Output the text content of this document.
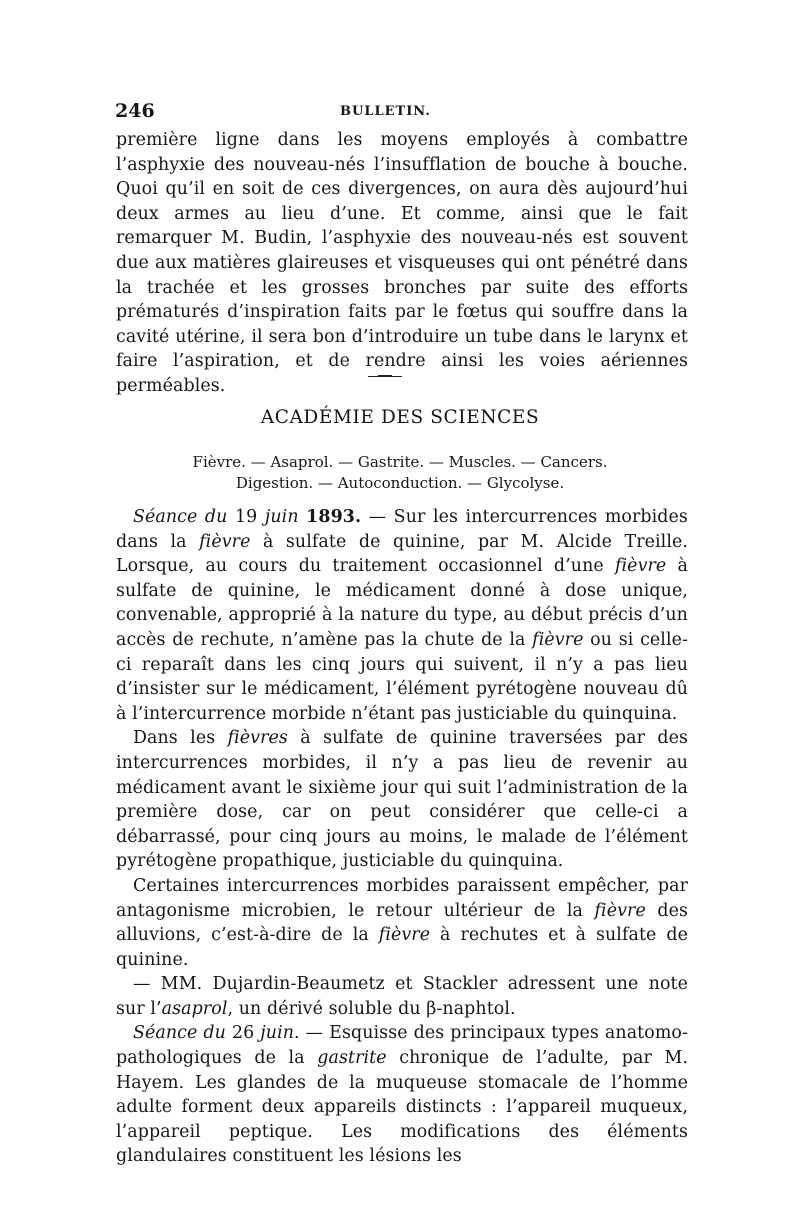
246	BULLETIN.

première ligne dans les moyens employés à combattre l’asphyxie des nouveau-nés l’insufflation de bouche à bouche. Quoi qu’il en soit de ces divergences, on aura dès aujourd’hui deux armes au lieu d’une. Et comme, ainsi que le fait remarquer M. Budin, l’asphyxie des nouveau-nés est souvent due aux matières glaireuses et visqueuses qui ont pénétré dans la trachée et les grosses bronches par suite des efforts prématurés d’inspiration faits par le fœtus qui souffre dans la cavité utérine, il sera bon d’introduire un tube dans le larynx et faire l’aspiration, et de rendre ainsi les voies aériennes perméables.

ACADÉMIE DES SCIENCES
Fièvre. — Asaprol. — Gastrite. — Muscles. — Cancers.
Digestion. — Autoconduction. — Glycolyse.

Séance du 19 juin 1893. — Sur les intercurrences morbides dans la fièvre à sulfate de quinine, par M. Alcide Treille. Lorsque, au cours du traitement occasionnel d’une fièvre à sulfate de quinine, le médicament donné à dose unique, convenable, approprié à la nature du type, au début précis d’un accès de rechute, n’amène pas la chute de la fièvre ou si celle-ci reparaît dans les cinq jours qui suivent, il n’y a pas lieu d’insister sur le médicament, l’élément pyrétogène nouveau dû à l’intercurrence morbide n’étant pas justiciable du quinquina.

Dans les fièvres à sulfate de quinine traversées par des intercurrences morbides, il n’y a pas lieu de revenir au médicament avant le sixième jour qui suit l’administration de la première dose, car on peut considérer que celle-ci a débarrassé, pour cinq jours au moins, le malade de l’élément pyrétogène propathique, justiciable du quinquina.

Certaines intercurrences morbides paraissent empêcher, par antagonisme microbien, le retour ultérieur de la fièvre des alluvions, c’est-à-dire de la fièvre à rechutes et à sulfate de quinine.

— MM. Dujardin-Beaumetz et Stackler adressent une note sur l’asaprol, un dérivé soluble du β-naphtol.

Séance du 26 juin. — Esquisse des principaux types anatomo-pathologiques de la gastrite chronique de l’adulte, par M. Hayem. Les glandes de la muqueuse stomacale de l’homme adulte forment deux appareils distincts : l’appareil muqueux, l’appareil peptique. Les modifications des éléments glandulaires constituent les lésions les
